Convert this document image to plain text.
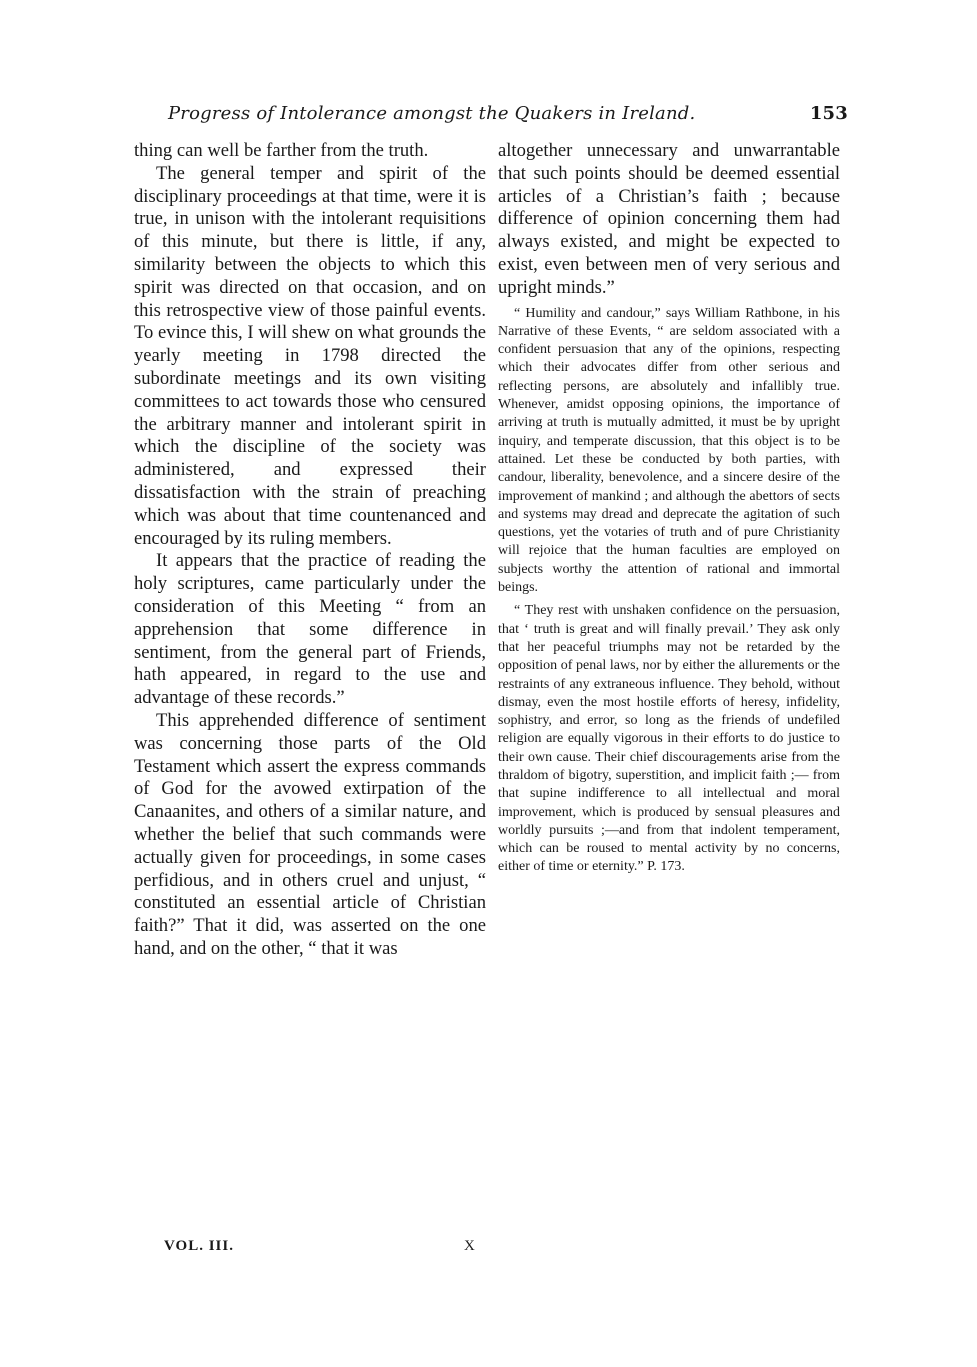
Progress of Intolerance amongst the Quakers in Ireland.	153

thing can well be farther from the truth.

The general temper and spirit of the disciplinary proceedings at that time, were it is true, in unison with the intolerant requisitions of this minute, but there is little, if any, similarity between the objects to which this spirit was directed on that occasion, and on this retrospective view of those painful events. To evince this, I will shew on what grounds the yearly meeting in 1798 directed the subordinate meetings and its own visiting committees to act towards those who censured the arbitrary manner and intolerant spirit in which the discipline of the society was administered, and expressed their dissatisfaction with the strain of preaching which was about that time countenanced and encouraged by its ruling members.

It appears that the practice of reading the holy scriptures, came particularly under the consideration of this Meeting “ from an apprehension that some difference in sentiment, from the general part of Friends, hath appeared, in regard to the use and advantage of these records.”

This apprehended difference of sentiment was concerning those parts of the Old Testament which assert the express commands of God for the avowed extirpation of the Canaanites, and others of a similar nature, and whether the belief that such commands were actually given for proceedings, in some cases perfidious, and in others cruel and unjust, “ constituted an essential article of Christian faith?” That it did, was asserted on the one hand, and on the other, “ that it was

altogether unnecessary and unwarrantable that such points should be deemed essential articles of a Christian’s faith ; because difference of opinion concerning them had always existed, and might be expected to exist, even between men of very serious and upright minds.”

“ Humility and candour,” says William Rathbone, in his Narrative of these Events, “ are seldom associated with a confident persuasion that any of the opinions, respecting which their advocates differ from other serious and reflecting persons, are absolutely and infallibly true. Whenever, amidst opposing opinions, the importance of arriving at truth is mutually admitted, it must be by upright inquiry, and temperate discussion, that this object is to be attained. Let these be conducted by both parties, with candour, liberality, benevolence, and a sincere desire of the improvement of mankind ; and although the abettors of sects and systems may dread and deprecate the agitation of such questions, yet the votaries of truth and of pure Christianity will rejoice that the human faculties are employed on subjects worthy the attention of rational and immortal beings.

“ They rest with unshaken confidence on the persuasion, that ‘ truth is great and will finally prevail.’ They ask only that her peaceful triumphs may not be retarded by the opposition of penal laws, nor by either the allurements or the restraints of any extraneous influence. They behold, without dismay, even the most hostile efforts of heresy, infidelity, sophistry, and error, so long as the friends of undefiled religion are equally vigorous in their efforts to do justice to their own cause. Their chief discouragements arise from the thraldom of bigotry, superstition, and implicit faith ;— from that supine indifference to all intellectual and moral improvement, which is produced by sensual pleasures and worldly pursuits ;—and from that indolent temperament, which can be roused to mental activity by no concerns, either of time or eternity.” P. 173.

VOL. III.	X
